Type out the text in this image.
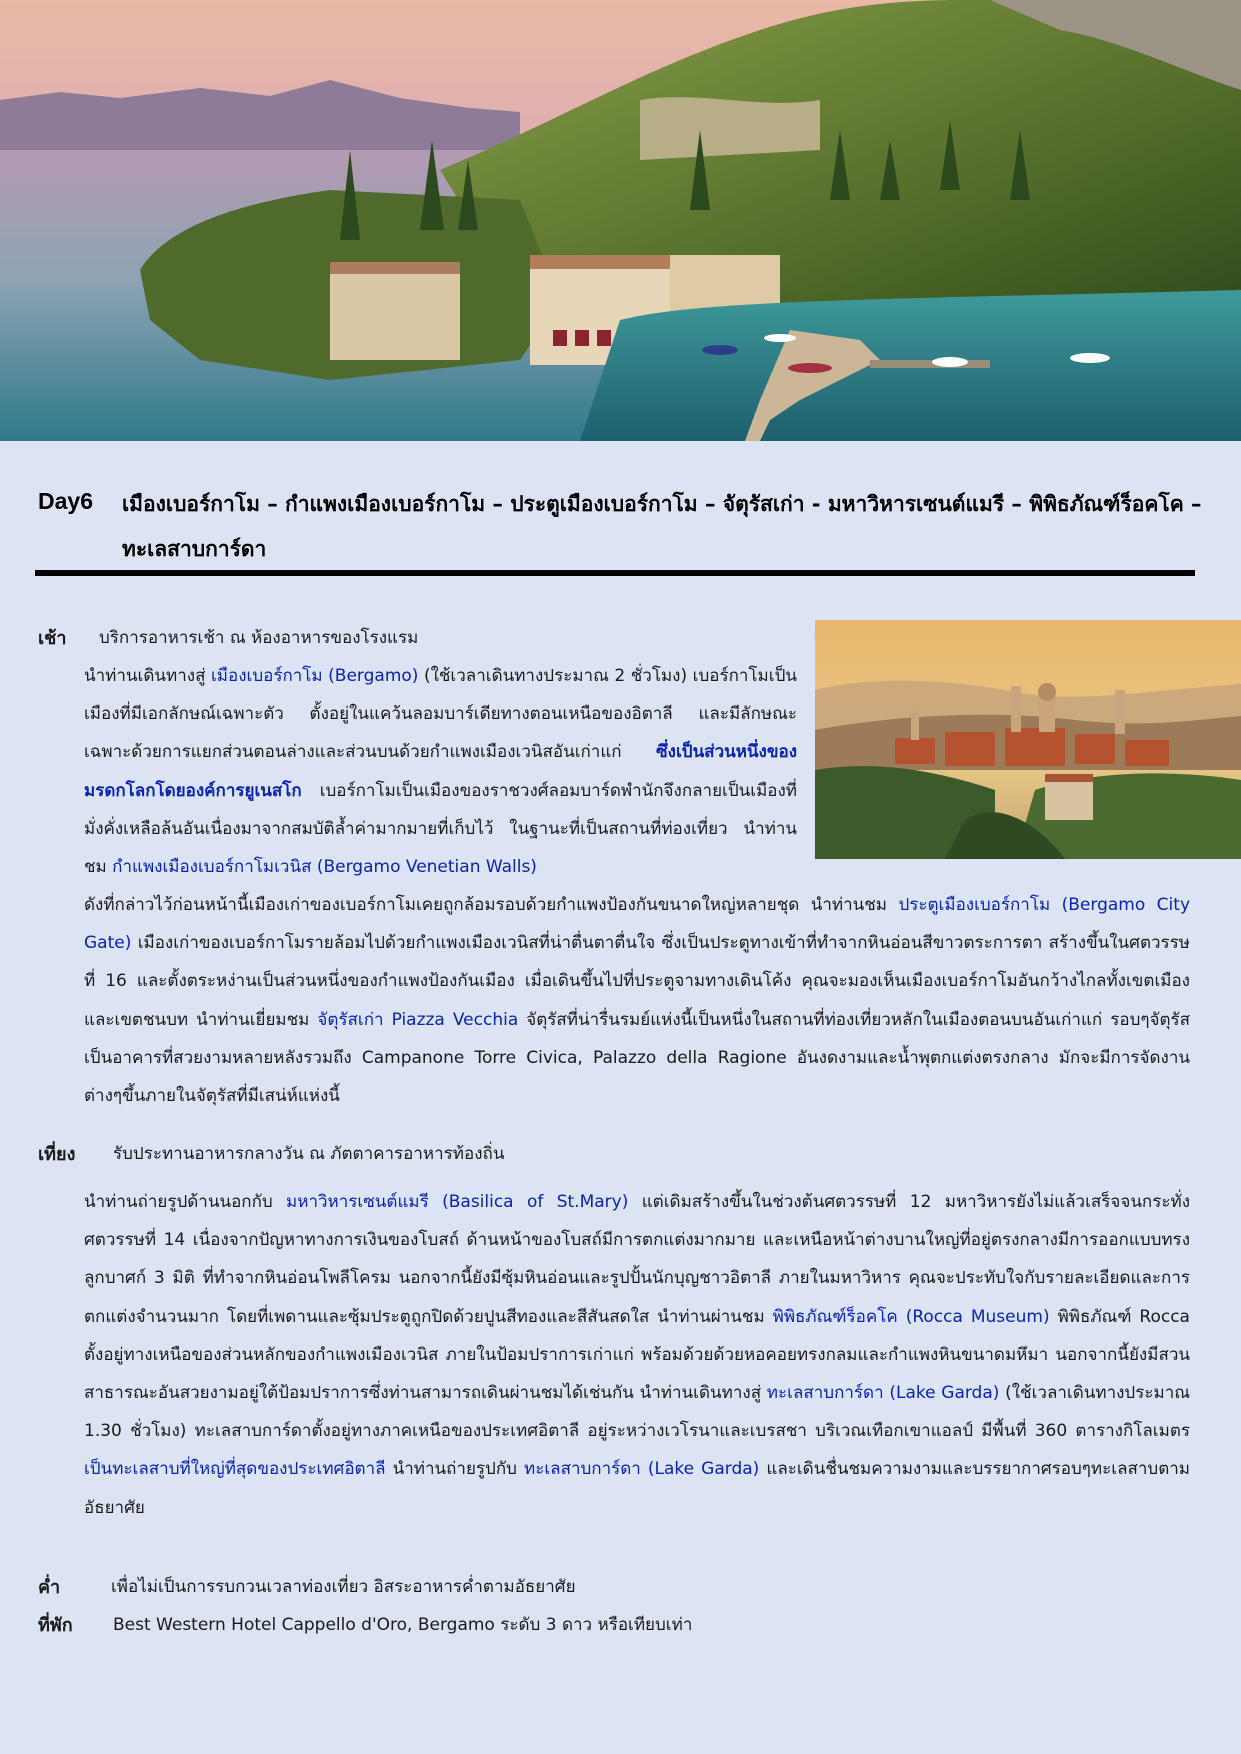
Day6 เมืองเบอร์กาโม – กำแพงเมืองเบอร์กาโม – ประตูเมืองเบอร์กาโม – จัตุรัสเก่า - มหาวิหารเซนต์แมรี – พิพิธภัณฑ์ร็อคโค – ทะเลสาบการ์ดา
เช้า บริการอาหารเช้า ณ ห้องอาหารของโรงแรม

นำท่านเดินทางสู่ เมืองเบอร์กาโม (Bergamo) (ใช้เวลาเดินทางประมาณ 2 ชั่วโมง) เบอร์กาโมเป็นเมืองที่มีเอกลักษณ์เฉพาะตัว ตั้งอยู่ในแคว้นลอมบาร์เดียทางตอนเหนือของอิตาลี และมีลักษณะเฉพาะด้วยการแยกส่วนตอนล่างและส่วนบนด้วยกำแพงเมืองเวนิสอันเก่าแก่ ซึ่งเป็นส่วนหนึ่งของมรดกโลกโดยองค์การยูเนสโก เบอร์กาโมเป็นเมืองของราชวงศ์ลอมบาร์ดพำนักจึงกลายเป็นเมืองที่มั่งคั่งเหลือล้นอันเนื่องมาจากสมบัติล้ำค่ามากมายที่เก็บไว้ ในฐานะที่เป็นสถานที่ท่องเที่ยว นำท่านชม กำแพงเมืองเบอร์กาโมเวนิส (Bergamo Venetian Walls)

ดังที่กล่าวไว้ก่อนหน้านี้เมืองเก่าของเบอร์กาโมเคยถูกล้อมรอบด้วยกำแพงป้องกันขนาดใหญ่หลายชุด นำท่านชม ประตูเมืองเบอร์กาโม (Bergamo City Gate) เมืองเก่าของเบอร์กาโมรายล้อมไปด้วยกำแพงเมืองเวนิสที่น่าตื่นตาตื่นใจ ซึ่งเป็นประตูทางเข้าที่ทำจากหินอ่อนสีขาวตระการตา สร้างขึ้นในศตวรรษที่ 16 และตั้งตระหง่านเป็นส่วนหนึ่งของกำแพงป้องกันเมือง เมื่อเดินขึ้นไปที่ประตูจามทางเดินโค้ง คุณจะมองเห็นเมืองเบอร์กาโมอันกว้างไกลทั้งเขตเมืองและเขตชนบท นำท่านเยี่ยมชม จัตุรัสเก่า Piazza Vecchia จัตุรัสที่น่ารื่นรมย์แห่งนี้เป็นหนึ่งในสถานที่ท่องเที่ยวหลักในเมืองตอนบนอันเก่าแก่ รอบๆจัตุรัสเป็นอาคารที่สวยงามหลายหลังรวมถึง Campanone Torre Civica, Palazzo della Ragione อันงดงามและน้ำพุตกแต่งตรงกลาง มักจะมีการจัดงานต่างๆขึ้นภายในจัตุรัสที่มีเสน่ห์แห่งนี้

เที่ยง รับประทานอาหารกลางวัน ณ ภัตตาคารอาหารท้องถิ่น

นำท่านถ่ายรูปด้านนอกกับ มหาวิหารเซนต์แมรี (Basilica of St.Mary) แต่เดิมสร้างขึ้นในช่วงต้นศตวรรษที่ 12 มหาวิหารยังไม่แล้วเสร็จจนกระทั่งศตวรรษที่ 14 เนื่องจากปัญหาทางการเงินของโบสถ์ ด้านหน้าของโบสถ์มีการตกแต่งมากมาย และเหนือหน้าต่างบานใหญ่ที่อยู่ตรงกลางมีการออกแบบทรงลูกบาศก์ 3 มิติ ที่ทำจากหินอ่อนโพลีโครม นอกจากนี้ยังมีซุ้มหินอ่อนและรูปปั้นนักบุญชาวอิตาลี ภายในมหาวิหาร คุณจะประทับใจกับรายละเอียดและการตกแต่งจำนวนมาก โดยที่เพดานและซุ้มประตูถูกปิดด้วยปูนสีทองและสีสันสดใส นำท่านผ่านชม พิพิธภัณฑ์ร็อคโค (Rocca Museum) พิพิธภัณฑ์ Rocca ตั้งอยู่ทางเหนือของส่วนหลักของกำแพงเมืองเวนิส ภายในป้อมปราการเก่าแก่ พร้อมด้วยด้วยหอคอยทรงกลมและกำแพงหินขนาดมหึมา นอกจากนี้ยังมีสวนสาธารณะอันสวยงามอยู่ใต้ป้อมปราการซึ่งท่านสามารถเดินผ่านชมได้เช่นกัน นำท่านเดินทางสู่ ทะเลสาบการ์ดา (Lake Garda) (ใช้เวลาเดินทางประมาณ 1.30 ชั่วโมง) ทะเลสาบการ์ดาตั้งอยู่ทางภาคเหนือของประเทศอิตาลี อยู่ระหว่างเวโรนาและเบรสชา บริเวณเทือกเขาแอลป์ มีพื้นที่ 360 ตารางกิโลเมตร เป็นทะเลสาบที่ใหญ่ที่สุดของประเทศอิตาลี นำท่านถ่ายรูปกับ ทะเลสาบการ์ดา (Lake Garda) และเดินชื่นชมความงามและบรรยากาศรอบๆทะเลสาบตามอัธยาศัย

ค่ำ	เพื่อไม่เป็นการรบกวนเวลาท่องเที่ยว อิสระอาหารค่ำตามอัธยาศัย
ที่พัก Best Western Hotel Cappello d'Oro, Bergamo ระดับ 3 ดาว หรือเทียบเท่า
